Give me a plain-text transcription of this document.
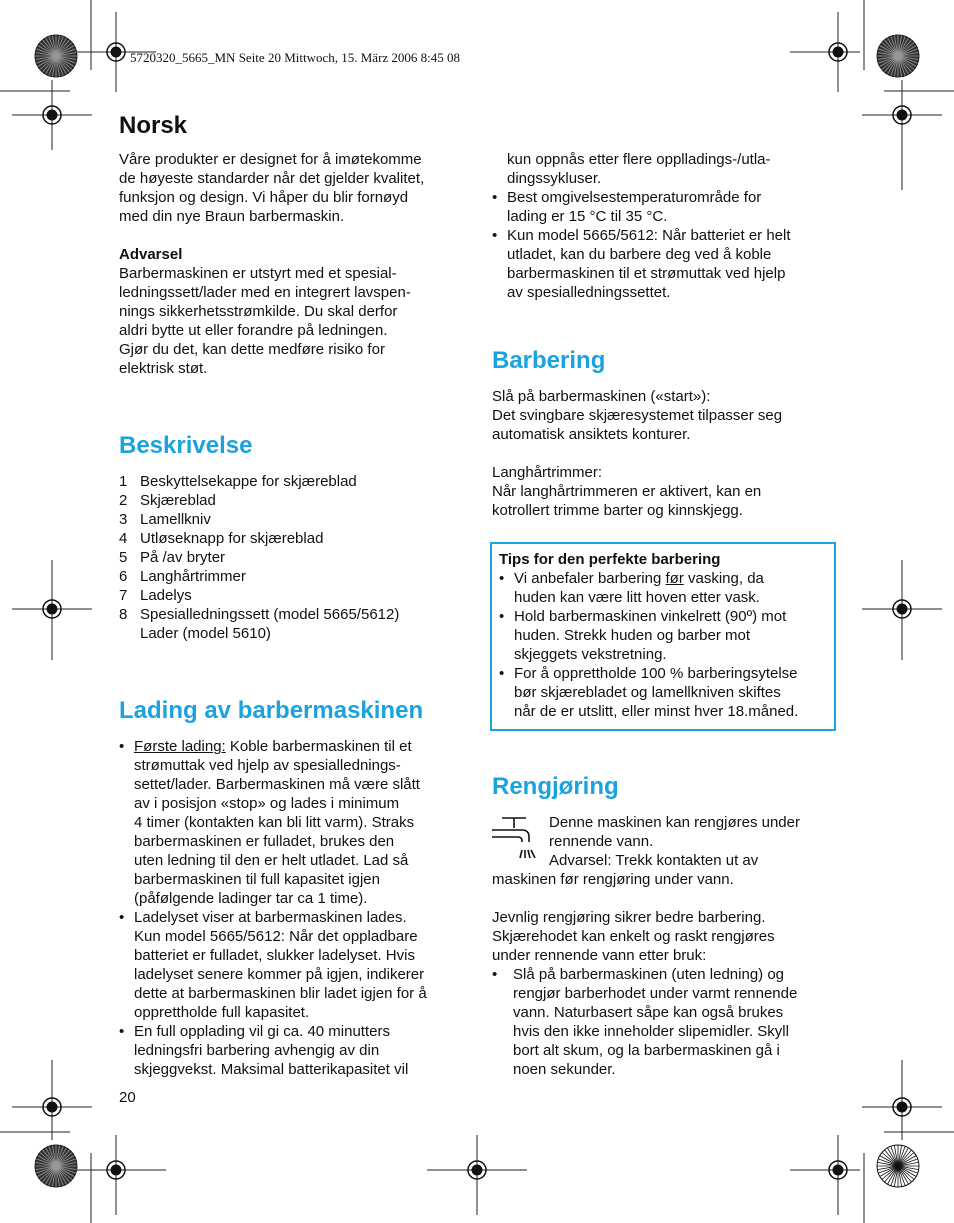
5720320_5665_MN Seite 20 Mittwoch, 15. März 2006 8:45 08
Norsk
Våre produkter er designet for å imøtekomme
de høyeste standarder når det gjelder kvalitet,
funksjon og design. Vi håper du blir fornøyd
med din nye Braun barbermaskin.
Advarsel
Barbermaskinen er utstyrt med et spesial-
ledningssett/lader med en integrert lavspen-
nings sikkerhetsstrømkilde. Du skal derfor
aldri bytte ut eller forandre på ledningen.
Gjør du det, kan dette medføre risiko for
elektrisk støt.
Beskrivelse
1 Beskyttelsekappe for skjæreblad
2 Skjæreblad
3 Lamellkniv
4 Utløseknapp for skjæreblad
5 På /av bryter
6 Langhårtrimmer
7 Ladelys
8 Spesialledningssett (model 5665/5612)
Lader (model 5610)
Lading av barbermaskinen
• Første lading: Koble barbermaskinen til et
strømuttak ved hjelp av spesiallednings-
settet/lader. Barbermaskinen må være slått
av i posisjon «stop» og lades i minimum
4 timer (kontakten kan bli litt varm). Straks
barbermaskinen er fulladet, brukes den
uten ledning til den er helt utladet. Lad så
barbermaskinen til full kapasitet igjen
(påfølgende ladinger tar ca 1 time).
• Ladelyset viser at barbermaskinen lades.
Kun model 5665/5612: Når det oppladbare
batteriet er fulladet, slukker ladelyset. Hvis
ladelyset senere kommer på igjen, indikerer
dette at barbermaskinen blir ladet igjen for å
opprettholde full kapasitet.
• En full opplading vil gi ca. 40 minutters
ledningsfri barbering avhengig av din
skjeggvekst. Maksimal batterikapasitet vil
20
kun oppnås etter flere opplladings-/utla-
dingssykluser.
• Best omgivelsestemperaturområde for
lading er 15 °C til 35 °C.
• Kun model 5665/5612: Når batteriet er helt
utladet, kan du barbere deg ved å koble
barbermaskinen til et strømuttak ved hjelp
av spesialledningssettet.
Barbering
Slå på barbermaskinen («start»):
Det svingbare skjæresystemet tilpasser seg
automatisk ansiktets konturer.
Langhårtrimmer:
Når langhårtrimmeren er aktivert, kan en
kotrollert trimme barter og kinnskjegg.
Tips for den perfekte barbering
• Vi anbefaler barbering før vasking, da
huden kan være litt hoven etter vask.
• Hold barbermaskinen vinkelrett (90º) mot
huden. Strekk huden og barber mot
skjeggets vekstretning.
• For å opprettholde 100 % barberingsytelse
bør skjærebladet og lamellkniven skiftes
når de er utslitt, eller minst hver 18.måned.
Rengjøring
Denne maskinen kan rengjøres under
rennende vann.
Advarsel: Trekk kontakten ut av
maskinen før rengjøring under vann.
Jevnlig rengjøring sikrer bedre barbering.
Skjærehodet kan enkelt og raskt rengjøres
under rennende vann etter bruk:
• Slå på barbermaskinen (uten ledning) og
rengjør barberhodet under varmt rennende
vann. Naturbasert såpe kan også brukes
hvis den ikke inneholder slipemidler. Skyll
bort alt skum, og la barbermaskinen gå i
noen sekunder.
